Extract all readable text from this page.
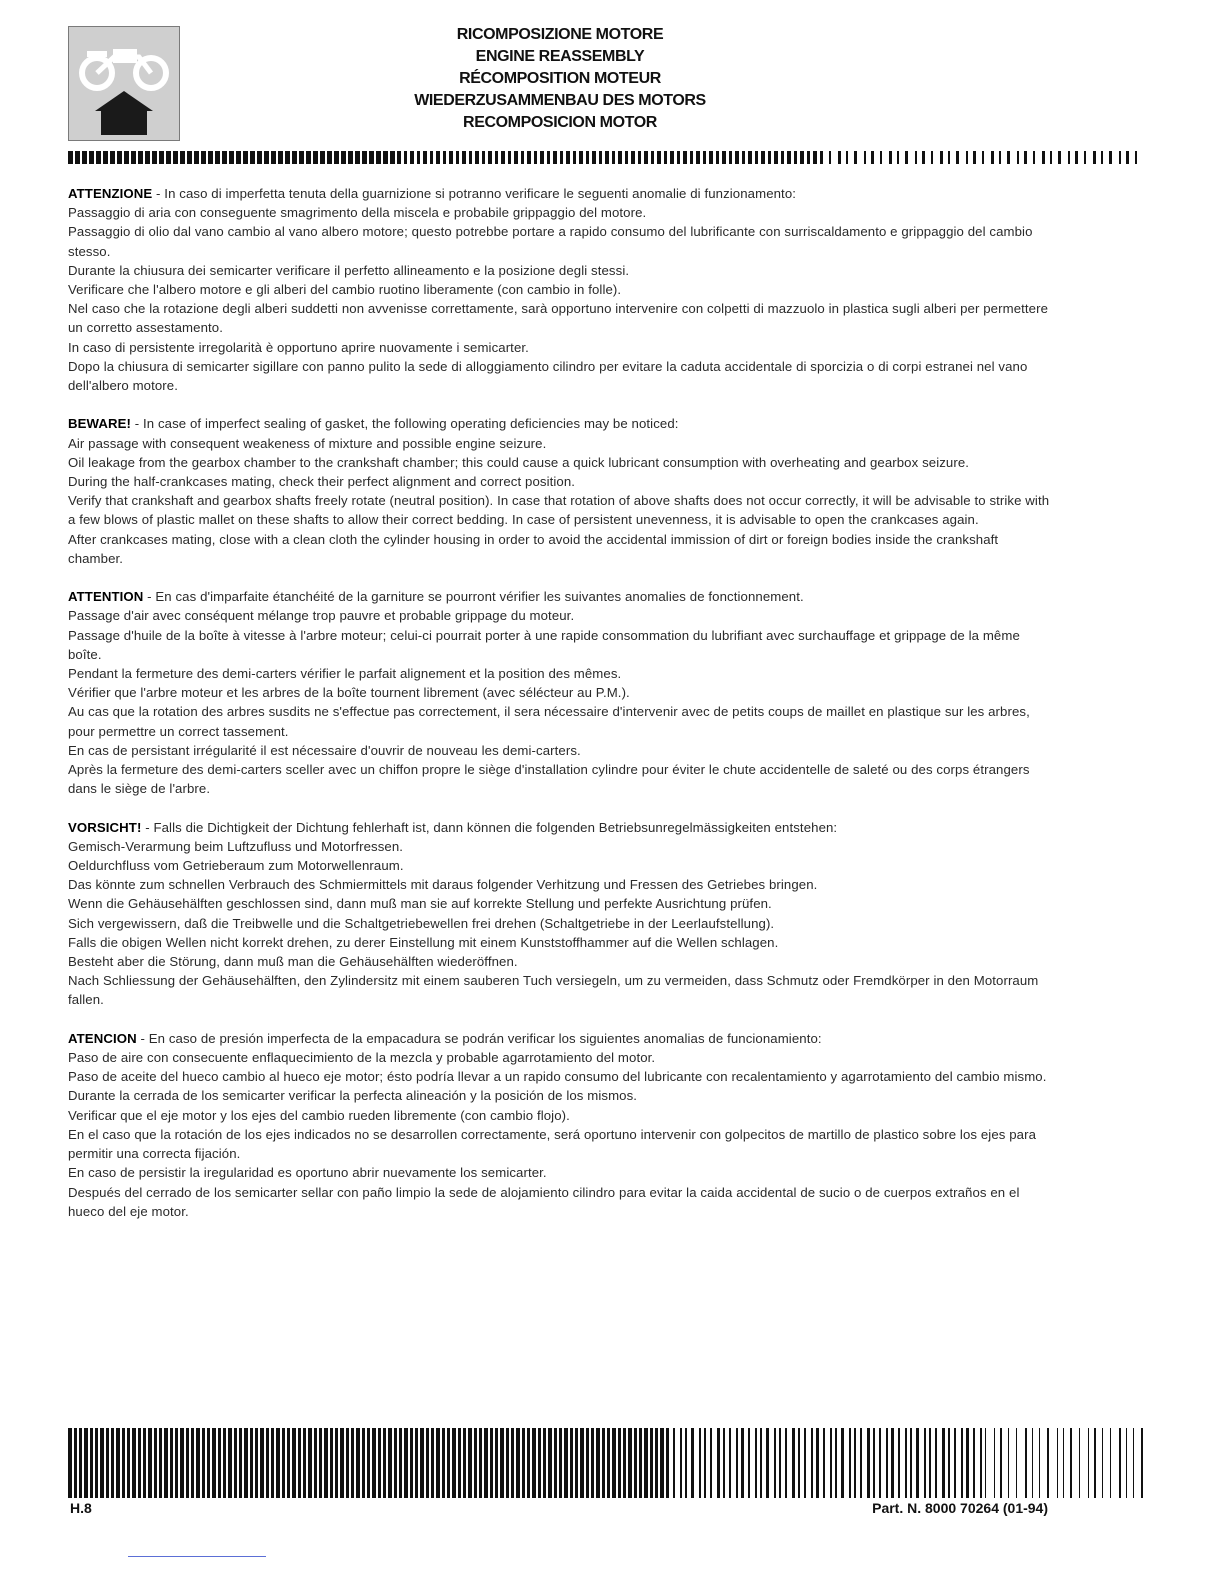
RICOMPOSIZIONE MOTORE
ENGINE REASSEMBLY
RÉCOMPOSITION MOTEUR
WIEDERZUSAMMENBAU DES MOTORS
RECOMPOSICION MOTOR

ATTENZIONE - In caso di imperfetta tenuta della guarnizione si potranno verificare le seguenti anomalie di funzionamento:

Passaggio di aria con conseguente smagrimento della miscela e probabile grippaggio del motore.

Passaggio di olio dal vano cambio al vano albero motore; questo potrebbe portare a rapido consumo del lubrificante con surriscaldamento e grippaggio del cambio stesso.

Durante la chiusura dei semicarter verificare il perfetto allineamento e la posizione degli stessi.

Verificare che l'albero motore e gli alberi del cambio ruotino liberamente (con cambio in folle).

Nel caso che la rotazione degli alberi suddetti non avvenisse correttamente, sarà opportuno intervenire con colpetti di mazzuolo in plastica sugli alberi per permettere un corretto assestamento.

In caso di persistente irregolarità è opportuno aprire nuovamente i semicarter.

Dopo la chiusura di semicarter sigillare con panno pulito la sede di alloggiamento cilindro per evitare la caduta accidentale di sporcizia o di corpi estranei nel vano dell'albero motore.

BEWARE! - In case of imperfect sealing of gasket, the following operating deficiencies may be noticed:

Air passage with consequent weakeness of mixture and possible engine seizure.

Oil leakage from the gearbox chamber to the crankshaft chamber; this could cause a quick lubricant consumption with overheating and gearbox seizure.

During the half-crankcases mating, check their perfect alignment and correct position.

Verify that crankshaft and gearbox shafts freely rotate (neutral position). In case that rotation of above shafts does not occur correctly, it will be advisable to strike with a few blows of plastic mallet on these shafts to allow their correct bedding. In case of persistent unevenness, it is advisable to open the crankcases again.

After crankcases mating, close with a clean cloth the cylinder housing in order to avoid the accidental immission of dirt or foreign bodies inside the crankshaft chamber.

ATTENTION - En cas d'imparfaite étanchéité de la garniture se pourront vérifier les suivantes anomalies de fonctionnement.

Passage d'air avec conséquent mélange trop pauvre et probable grippage du moteur.

Passage d'huile de la boîte à vitesse à l'arbre moteur; celui-ci pourrait porter à une rapide consommation du lubrifiant avec surchauffage et grippage de la même boîte.

Pendant la fermeture des demi-carters vérifier le parfait alignement et la position des mêmes.

Vérifier que l'arbre moteur et les arbres de la boîte tournent librement (avec sélécteur au P.M.).

Au cas que la rotation des arbres susdits ne s'effectue pas correctement, il sera nécessaire d'intervenir avec de petits coups de maillet en plastique sur les arbres, pour permettre un correct tassement.

En cas de persistant irrégularité il est nécessaire d'ouvrir de nouveau les demi-carters.

Après la fermeture des demi-carters sceller avec un chiffon propre le siège d'installation cylindre pour éviter le chute accidentelle de saleté ou des corps étrangers dans le siège de l'arbre.

VORSICHT! - Falls die Dichtigkeit der Dichtung fehlerhaft ist, dann können die folgenden Betriebsunregelmässigkeiten entstehen:

Gemisch-Verarmung beim Luftzufluss und Motorfressen.

Oeldurchfluss vom Getrieberaum zum Motorwellenraum.

Das könnte zum schnellen Verbrauch des Schmiermittels mit daraus folgender Verhitzung und Fressen des Getriebes bringen.

Wenn die Gehäusehälften geschlossen sind, dann muß man sie auf korrekte Stellung und perfekte Ausrichtung prüfen.

Sich vergewissern, daß die Treibwelle und die Schaltgetriebewellen frei drehen (Schaltgetriebe in der Leerlaufstellung).

Falls die obigen Wellen nicht korrekt drehen, zu derer Einstellung mit einem Kunststoffhammer auf die Wellen schlagen.

Besteht aber die Störung, dann muß man die Gehäusehälften wiederöffnen.

Nach Schliessung der Gehäusehälften, den Zylindersitz mit einem sauberen Tuch versiegeln, um zu vermeiden, dass Schmutz oder Fremdkörper in den Motorraum fallen.

ATENCION - En caso de presión imperfecta de la empacadura se podrán verificar los siguientes anomalias de funcionamiento:

Paso de aire con consecuente enflaquecimiento de la mezcla y probable agarrotamiento del motor.

Paso de aceite del hueco cambio al hueco eje motor; ésto podría llevar a un rapido consumo del lubricante con recalentamiento y agarrotamiento del cambio mismo.

Durante la cerrada de los semicarter verificar la perfecta alineación y la posición de los mismos.

Verificar que el eje motor y los ejes del cambio rueden libremente (con cambio flojo).

En el caso que la rotación de los ejes indicados no se desarrollen correctamente, será oportuno intervenir con golpecitos de martillo de plastico sobre los ejes para permitir una correcta fijación.

En caso de persistir la iregularidad es oportuno abrir nuevamente los semicarter.

Después del cerrado de los semicarter sellar con paño limpio la sede de alojamiento cilindro para evitar la caida accidental de sucio o de cuerpos extraños en el hueco del eje motor.

H.8	Part. N. 8000 70264 (01-94)
